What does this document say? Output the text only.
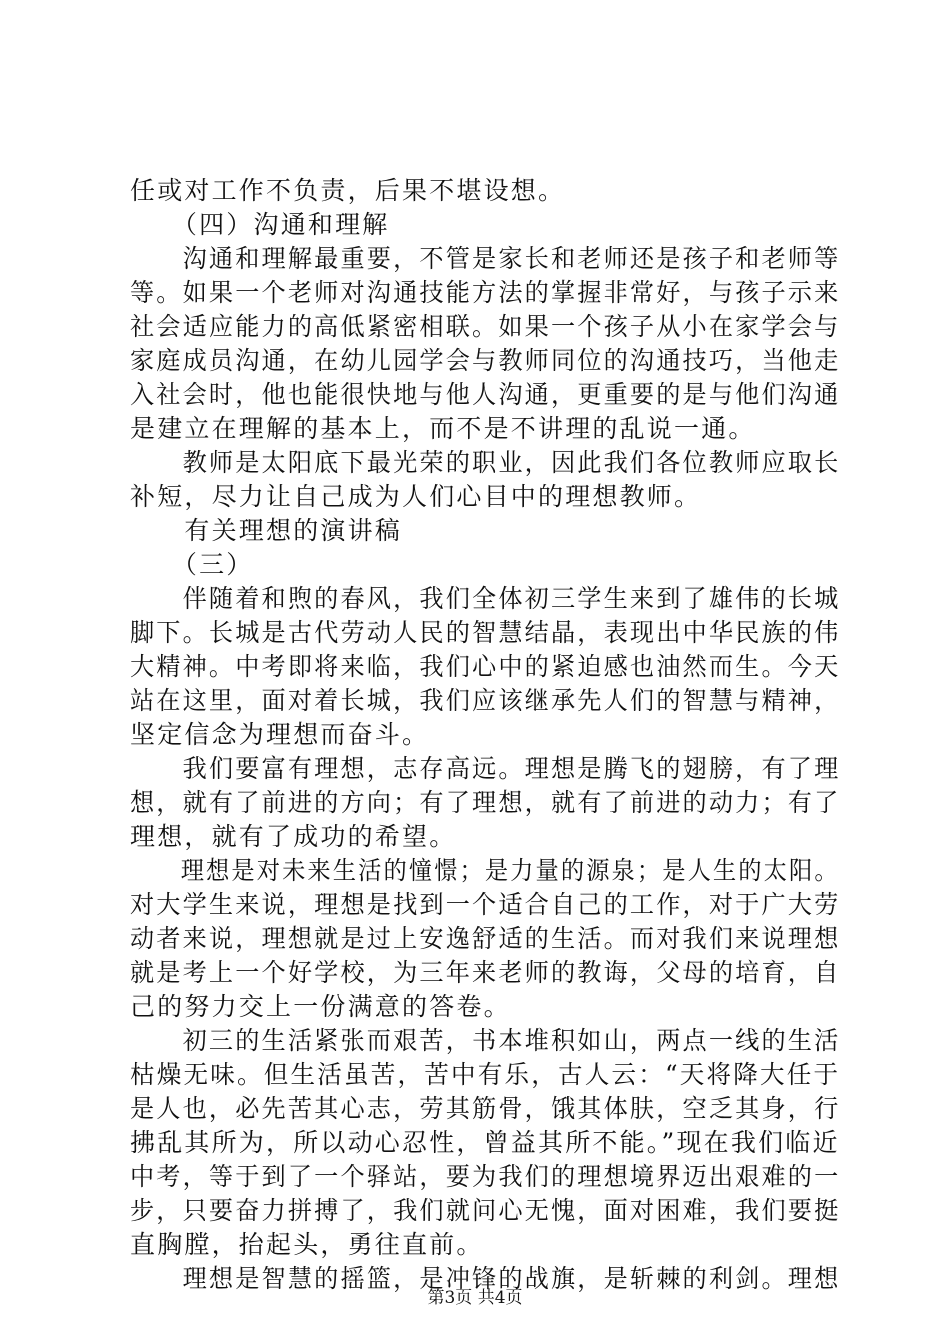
任或对工作不负责，后果不堪设想。
　　（四）沟通和理解
　　沟通和理解最重要，不管是家长和老师还是孩子和老师等
等。如果一个老师对沟通技能方法的掌握非常好，与孩子示来
社会适应能力的高低紧密相联。如果一个孩子从小在家学会与
家庭成员沟通，在幼儿园学会与教师同位的沟通技巧，当他走
入社会时，他也能很快地与他人沟通，更重要的是与他们沟通
是建立在理解的基本上，而不是不讲理的乱说一通。
　　教师是太阳底下最光荣的职业，因此我们各位教师应取长
补短，尽力让自己成为人们心目中的理想教师。
　　有关理想的演讲稿
　　（三）
　　伴随着和煦的春风，我们全体初三学生来到了雄伟的长城
脚下。长城是古代劳动人民的智慧结晶，表现出中华民族的伟
大精神。中考即将来临，我们心中的紧迫感也油然而生。今天
站在这里，面对着长城，我们应该继承先人们的智慧与精神，
坚定信念为理想而奋斗。
　　我们要富有理想，志存高远。理想是腾飞的翅膀，有了理
想，就有了前进的方向；有了理想，就有了前进的动力；有了
理想，就有了成功的希望。
　　理想是对未来生活的憧憬；是力量的源泉；是人生的太阳。
对大学生来说，理想是找到一个适合自己的工作，对于广大劳
动者来说，理想就是过上安逸舒适的生活。而对我们来说理想
就是考上一个好学校，为三年来老师的教诲，父母的培育，自
己的努力交上一份满意的答卷。
　　初三的生活紧张而艰苦，书本堆积如山，两点一线的生活
枯燥无味。但生活虽苦，苦中有乐，古人云：“天将降大任于
是人也，必先苦其心志，劳其筋骨，饿其体肤，空乏其身，行
拂乱其所为，所以动心忍性，曾益其所不能。”现在我们临近
中考，等于到了一个驿站，要为我们的理想境界迈出艰难的一
步，只要奋力拼搏了，我们就问心无愧，面对困难，我们要挺
直胸膛，抬起头，勇往直前。
　　理想是智慧的摇篮，是冲锋的战旗，是斩棘的利剑。理想
第3页 共4页
